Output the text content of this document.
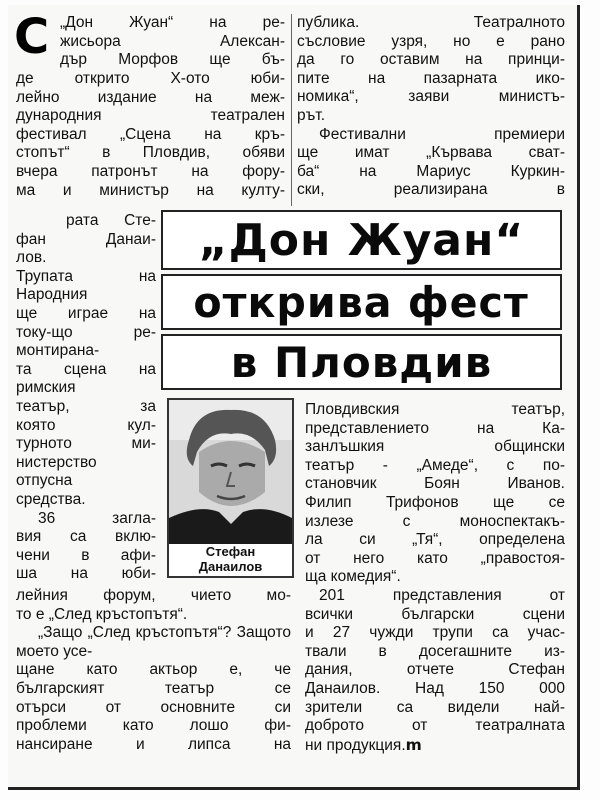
С „Дон Жуан“ на ре-
жисьора Алексан-
дър Морфов ще бъ-
де открито Х-ото юби-
лейно издание на меж-
дународния театрален
фестивал „Сцена на кръ-
стопът“ в Пловдив, обяви
вчера патронът на фору-
ма и министър на култу-
рата Сте-
фан Данаи-
лов.
Трупата на
Народния
ще играе на
току-що ре-
монтирана-
та сцена на
римския
театър, за
която кул-
турното ми-
нистерство
отпусна
средства.
36 загла-
вия са вклю-
чени в афи-
ша на юби-
лейния форум, чието мо-
то е „След кръстопътя“.

„Защо „След кръстопътя“? Защото моето усе-

щане като актьор е, че
българският театър се
отърси от основните си
проблеми като лошо фи-
нансиране и липса на
публика. Театралното
съсловие узря, но е рано
да го оставим на принци-
пите на пазарната ико-
номика“, заяви министъ-
рът.
Фестивални премиери
ще имат „Кървава сват-
ба“ на Мариус Куркин-
ски, реализирана в
„Дон Жуан“
открива фест
в Пловдив
Стефан
Данаилов
Пловдивския театър,
представлението на Ка-
занлъшкия общински
театър - „Амеде“, с по-
становчик Боян Иванов.
Филип Трифонов ще се
излезе с моноспектакъ-
ла си „Тя“, определена
от него като „правостоя-
ща комедия“.
201 представления от
всички български сцени
и 27 чужди трупи са учас-
твали в досегашните из-
дания, отчете Стефан
Данаилов. Над 150 000
зрители са видели най-
доброто от театралната
ни продукция.m
